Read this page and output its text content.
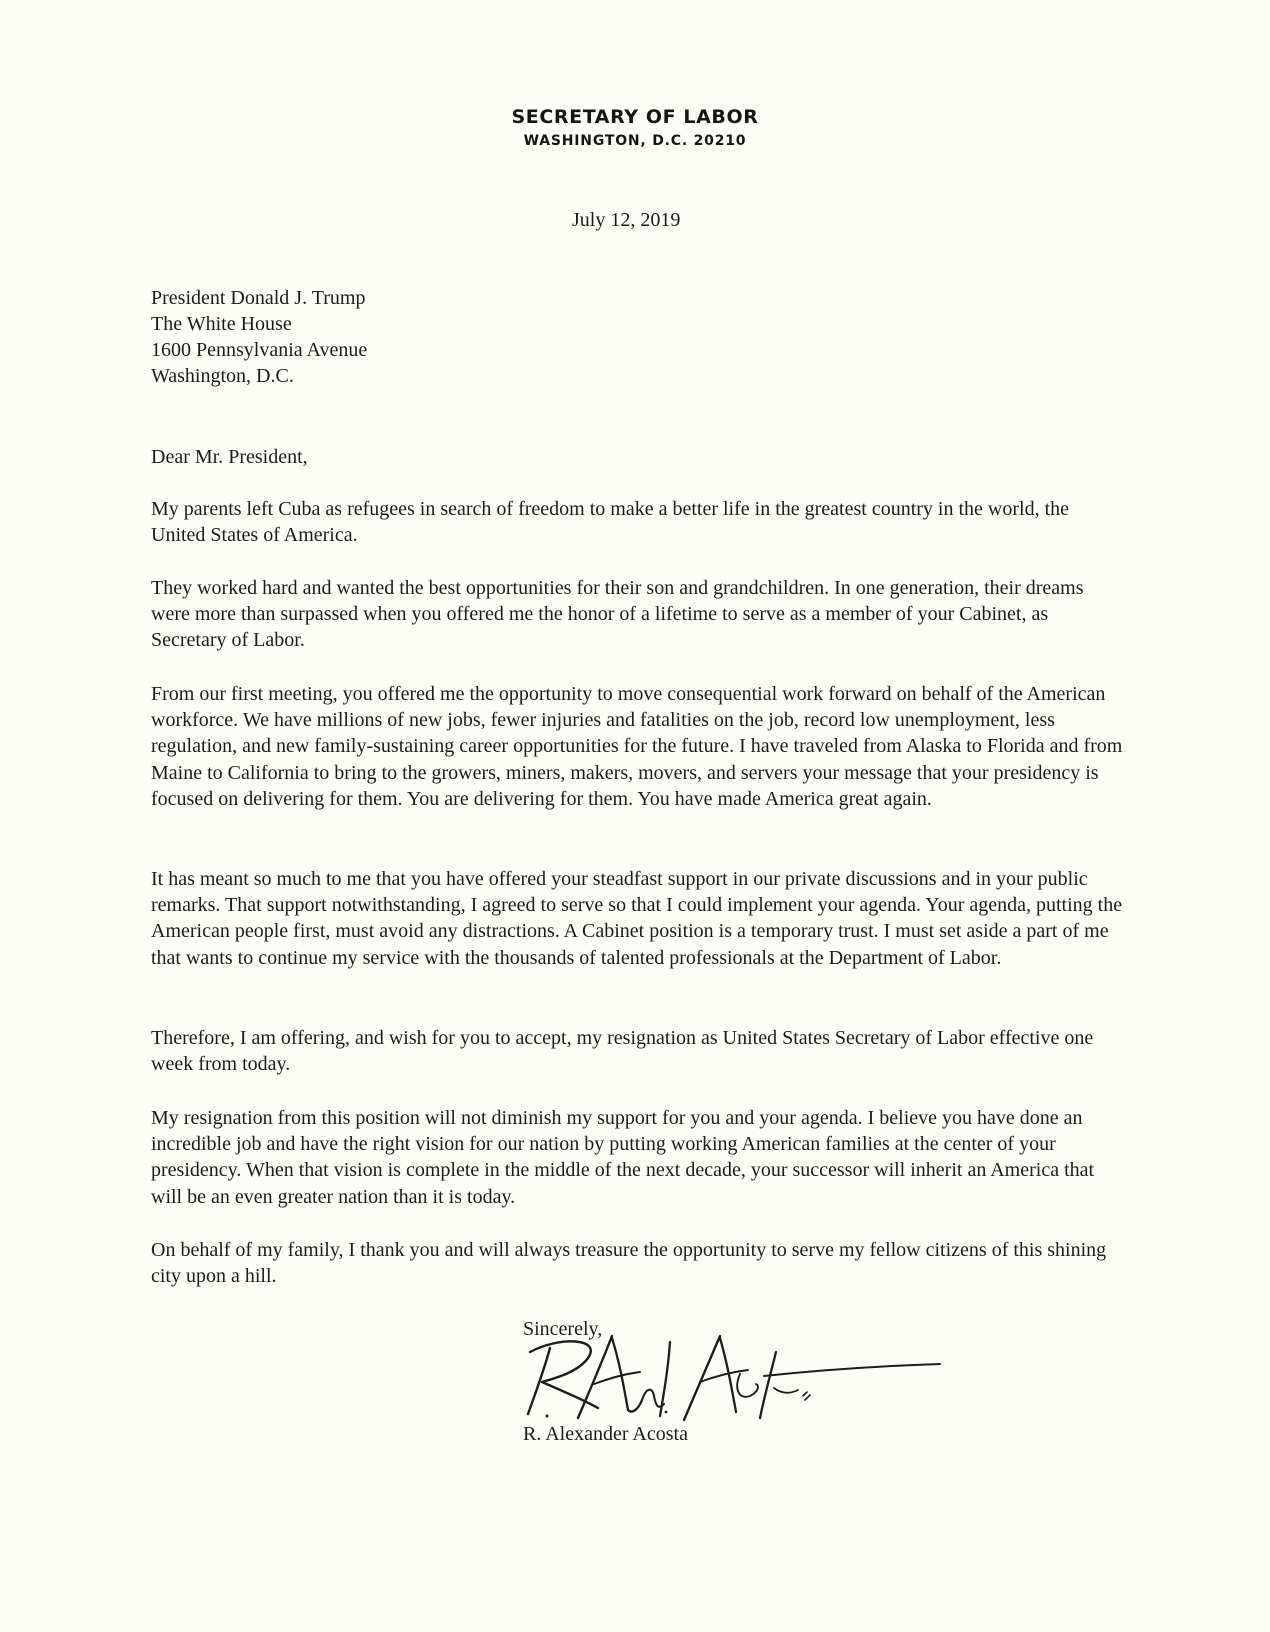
SECRETARY OF LABOR
WASHINGTON, D.C. 20210
July 12, 2019
President Donald J. Trump
The White House
1600 Pennsylvania Avenue
Washington, D.C.

Dear Mr. President,

My parents left Cuba as refugees in search of freedom to make a better life in the greatest country in the world, the United States of America.

They worked hard and wanted the best opportunities for their son and grandchildren. In one generation, their dreams were more than surpassed when you offered me the honor of a lifetime to serve as a member of your Cabinet, as Secretary of Labor.

From our first meeting, you offered me the opportunity to move consequential work forward on behalf of the American workforce. We have millions of new jobs, fewer injuries and fatalities on the job, record low unemployment, less regulation, and new family-sustaining career opportunities for the future. I have traveled from Alaska to Florida and from Maine to California to bring to the growers, miners, makers, movers, and servers your message that your presidency is focused on delivering for them. You are delivering for them. You have made America great again.

It has meant so much to me that you have offered your steadfast support in our private discussions and in your public remarks. That support notwithstanding, I agreed to serve so that I could implement your agenda. Your agenda, putting the American people first, must avoid any distractions. A Cabinet position is a temporary trust. I must set aside a part of me that wants to continue my service with the thousands of talented professionals at the Department of Labor.

Therefore, I am offering, and wish for you to accept, my resignation as United States Secretary of Labor effective one week from today.

My resignation from this position will not diminish my support for you and your agenda. I believe you have done an incredible job and have the right vision for our nation by putting working American families at the center of your presidency. When that vision is complete in the middle of the next decade, your successor will inherit an America that will be an even greater nation than it is today.

On behalf of my family, I thank you and will always treasure the opportunity to serve my fellow citizens of this shining city upon a hill.

Sincerely,
R. Alexander Acosta
